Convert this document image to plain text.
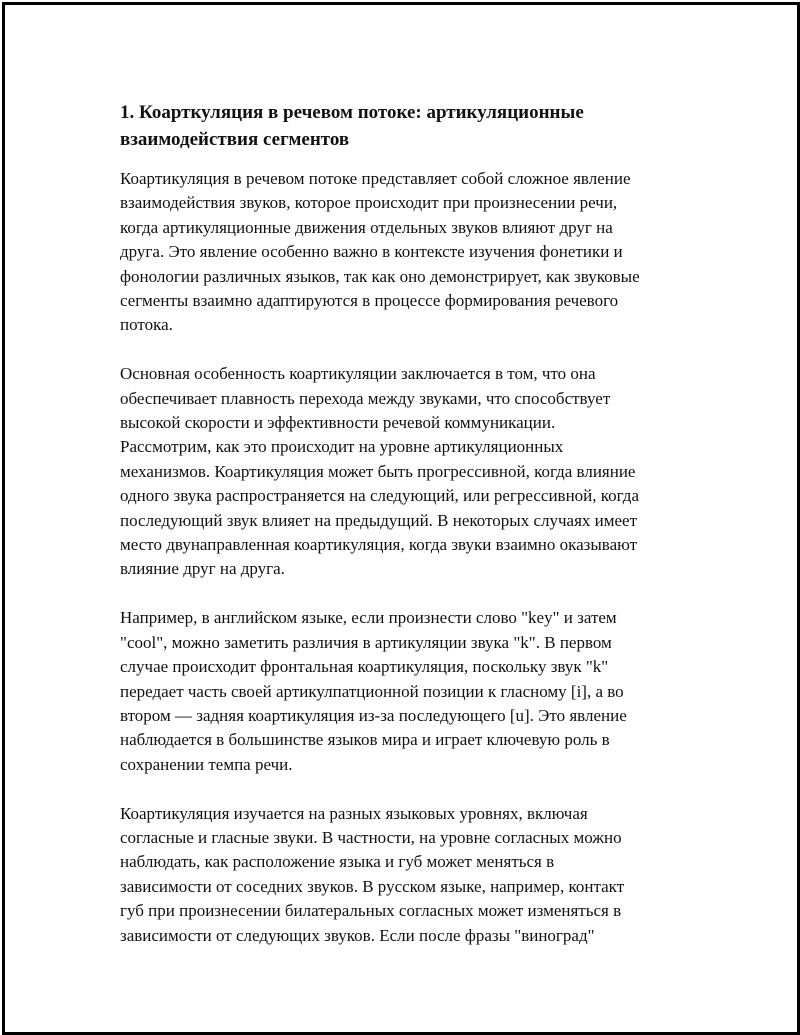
1. Коарткуляция в речевом потоке: артикуляционные
взаимодействия сегментов

Коартикуляция в речевом потоке представляет собой сложное явление
взаимодействия звуков, которое происходит при произнесении речи,
когда артикуляционные движения отдельных звуков влияют друг на
друга. Это явление особенно важно в контексте изучения фонетики и
фонологии различных языков, так как оно демонстрирует, как звуковые
сегменты взаимно адаптируются в процессе формирования речевого
потока.

Основная особенность коартикуляции заключается в том, что она
обеспечивает плавность перехода между звуками, что способствует
высокой скорости и эффективности речевой коммуникации.
Рассмотрим, как это происходит на уровне артикуляционных
механизмов. Коартикуляция может быть прогрессивной, когда влияние
одного звука распространяется на следующий, или регрессивной, когда
последующий звук влияет на предыдущий. В некоторых случаях имеет
место двунаправленная коартикуляция, когда звуки взаимно оказывают
влияние друг на друга.

Например, в английском языке, если произнести слово "key" и затем
"cool", можно заметить различия в артикуляции звука "k". В первом
случае происходит фронтальная коартикуляция, поскольку звук "k"
передает часть своей артикулпатционной позиции к гласному [i], а во
втором — задняя коартикуляция из-за последующего [u]. Это явление
наблюдается в большинстве языков мира и играет ключевую роль в
сохранении темпа речи.

Коартикуляция изучается на разных языковых уровнях, включая
согласные и гласные звуки. В частности, на уровне согласных можно
наблюдать, как расположение языка и губ может меняться в
зависимости от соседних звуков. В русском языке, например, контакт
губ при произнесении билатеральных согласных может изменяться в
зависимости от следующих звуков. Если после фразы "виноград"
